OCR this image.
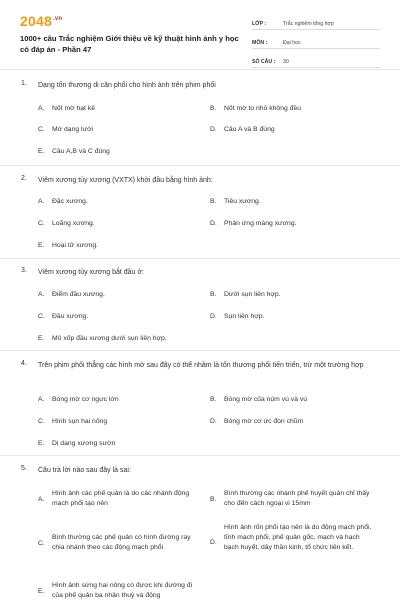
$2048^{.vn}$
1000+ câu Trắc nghiệm Giới thiệu về kỹ thuật hình ảnh y học có đáp án - Phần 47
LỚP :	Trắc nghiệm tổng hợp
MÔN :	Đại học
SỐ CÂU : 30
1. Dạng tổn thương di căn phổi cho hình ảnh trên phim phổi
A.	Nốt mờ hạt kê	B.	Nốt mờ to nhỏ không đều
C.	Mờ dạng lưới	D.	Câu A và B đúng
E.	Câu A,B và C đúng
2. Viêm xương tủy xương (VXTX) khởi đầu bằng hình ảnh:
A.	Đặc xương.	B.	Tiêu xương.
C.	Loãng xương.	D.	Phản ứng màng xương.
E.	Hoại tử xương.
3. Viêm xương tủy xương bắt đầu ở:
A.	Điểm đầu xương.	B.	Dưới sụn liên hợp.
C.	Đầu xương.	D.	Sụn liên hợp.
E.	Mô xốp đầu xương dưới sụn liên hợp.
4. Trên phim phổi thẳng các hình mờ sau đây có thể nhầm là tổn thương phổi tiến triển, trừ một trường hợp
A.	Bóng mờ cơ ngực lớn	B.	Bóng mờ của núm vú và vú
C.	Hình sụn hai nông	D.	Bóng mờ cơ ức đòn chũm
E.	Dị dạng xương sườn
5. Câu trả lời nào sau đây là sai:
A.
Hình ảnh các phế quản lá do các nhánh động mạch phổi tạo nên
B.
Bình thường các nhánh phế huyết quản chỉ thấy cho đến cách ngoại vi 15mm
C.
Bình thường các phế quản có hình đường ray chia nhánh theo các động mạch phổi
D.
Hình ảnh rốn phổi tạo nên là do động mạch phổi, tĩnh mạch phổi, phế quản gốc, mạch và hạch bạch huyết, dây thần kinh, tổ chức liên kết.
E.
Hình ảnh sừng hai nông có được khi đường đi của phế quản ba nhân thuỳ và động
